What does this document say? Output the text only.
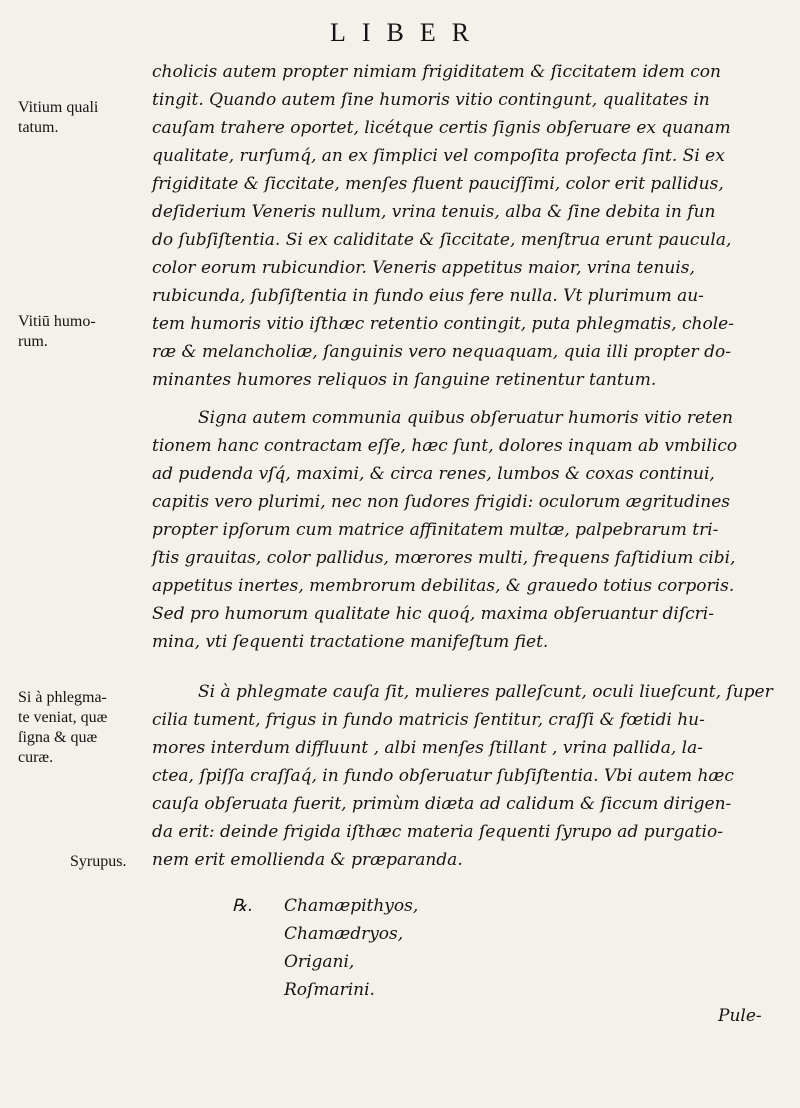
LIBER
Vitium quali
tatum.
Vitiū humo-
rum.
Si à phlegma-
te veniat, quæ
ſigna & quæ
curæ.
Syrupus.
cholicis autem propter nimiam frigiditatem & ſiccitatem idem con
tingit. Quando autem ſine humoris vitio contingunt, qualitates in
cauſam trahere oportet, licétque certis ſignis obſeruare ex quanam
qualitate, rurſumq́, an ex ſimplici vel compoſita profecta ſint. Si ex
frigiditate & ſiccitate, menſes fluent pauciſſimi, color erit pallidus,
deſiderium Veneris nullum, vrina tenuis, alba & ſine debita in fun
do ſubſiſtentia. Si ex caliditate & ſiccitate, menſtrua erunt paucula,
color eorum rubicundior. Veneris appetitus maior, vrina tenuis,
rubicunda, ſubſiſtentia in fundo eius fere nulla. Vt plurimum au-
tem humoris vitio iſthæc retentio contingit, puta phlegmatis, chole-
ræ & melancholiæ, ſanguinis vero nequaquam, quia illi propter do-
minantes humores reliquos in ſanguine retinentur tantum.
Signa autem communia quibus obſeruatur humoris vitio reten
tionem hanc contractam eſſe, hæc ſunt, dolores inquam ab vmbilico
ad pudenda vſq́, maximi, & circa renes, lumbos & coxas continui,
capitis vero plurimi, nec non ſudores frigidi: oculorum ægritudines
propter ipſorum cum matrice affinitatem multæ, palpebrarum tri-
ſtis grauitas, color pallidus, mœrores multi, frequens faſtidium cibi,
appetitus inertes, membrorum debilitas, & grauedo totius corporis.
Sed pro humorum qualitate hic quoq́, maxima obſeruantur diſcri-
mina, vti ſequenti tractatione manifeſtum fiet.
Si à phlegmate cauſa ſit, mulieres palleſcunt, oculi liueſcunt, ſuper
cilia tument, frigus in fundo matricis ſentitur, craſſi & fœtidi hu-
mores interdum diffluunt , albi menſes ſtillant , vrina pallida, la-
ctea, ſpiſſa craſſaq́, in fundo obſeruatur ſubſiſtentia. Vbi autem hæc
cauſa obſeruata fuerit, primùm diæta ad calidum & ſiccum dirigen-
da erit: deinde frigida iſthæc materia ſequenti ſyrupo ad purgatio-
nem erit emollienda & præparanda.
℞.	Chamæpithyos,
Chamædryos,
Origani,
Roſmarini.
Pule-
